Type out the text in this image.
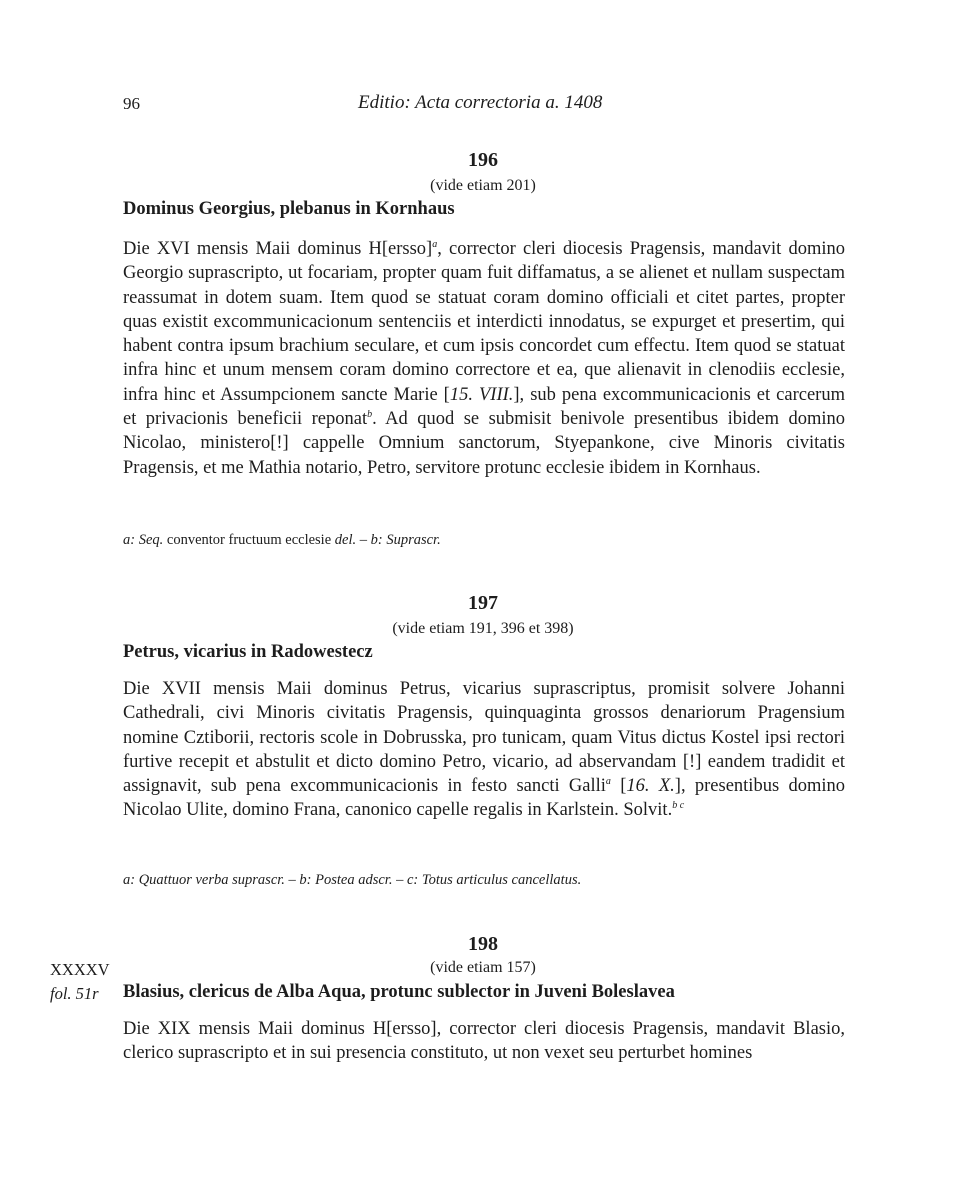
96	Editio: Acta correctoria a. 1408
196
(vide etiam 201)
Dominus Georgius, plebanus in Kornhaus

Die XVI mensis Maii dominus H[ersso]$^a$, corrector cleri diocesis Pragensis, mandavit domino Georgio suprascripto, ut focariam, propter quam fuit diffamatus, a se alienet et nullam suspectam reassumat in dotem suam. Item quod se statuat coram domino officiali et citet partes, propter quas existit excommunicacionum sentenciis et interdicti innodatus, se expurget et presertim, qui habent contra ipsum brachium seculare, et cum ipsis concordet cum effectu. Item quod se statuat infra hinc et unum mensem coram domino correctore et ea, que alienavit in clenodiis ecclesie, infra hinc et Assumpcionem sancte Marie [15. VIII.], sub pena excommunicacionis et carcerum et privacionis beneficii reponat$^b$. Ad quod se submisit benivole presentibus ibidem domino Nicolao, ministero[!] cappelle Omnium sanctorum, Styepankone, cive Minoris civitatis Pragensis, et me Mathia notario, Petro, servitore protunc ecclesie ibidem in Kornhaus.

a: Seq. conventor fructuum ecclesie del. – b: Suprascr.
197
(vide etiam 191, 396 et 398)
Petrus, vicarius in Radowestecz

Die XVII mensis Maii dominus Petrus, vicarius suprascriptus, promisit solvere Johanni Cathedrali, civi Minoris civitatis Pragensis, quinquaginta grossos denariorum Pragensium nomine Cztiborii, rectoris scole in Dobrusska, pro tunicam, quam Vitus dictus Kostel ipsi rectori furtive recepit et abstulit et dicto domino Petro, vicario, ad abservandam [!] eandem tradidit et assignavit, sub pena excommunicacionis in festo sancti Galli$^a$ [16. X.], presentibus domino Nicolao Ulite, domino Frana, canonico capelle regalis in Karlstein. Solvit.$^{b c}$

a: Quattuor verba suprascr. – b: Postea adscr. – c: Totus articulus cancellatus.
198
XXXXV	(vide etiam 157)
fol. 51r Blasius, clericus de Alba Aqua, protunc sublector in Juveni Boleslavea

Die XIX mensis Maii dominus H[ersso], corrector cleri diocesis Pragensis, mandavit Blasio, clerico suprascripto et in sui presencia constituto, ut non vexet seu perturbet homines
